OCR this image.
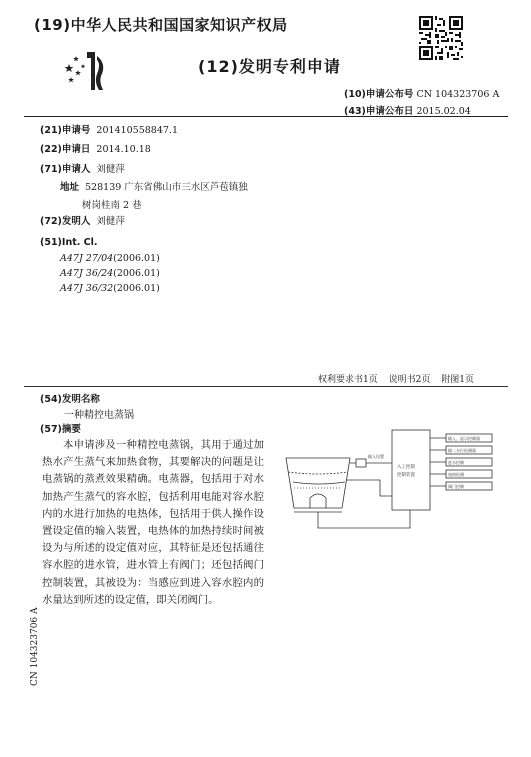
(19)中华人民共和国国家知识产权局
(12)发明专利申请
(10)申请公布号 CN 104323706 A
(43)申请公布日 2015.02.04
(21)申请号 201410558847.1
(22)申请日 2014.10.18
(71)申请人 刘健萍
地址 528139 广东省佛山市三水区芦苞镇独
树岗桂南 2 巷
(72)发明人 刘健萍
(51)Int. Cl.
A47J 27/04(2006.01)
A47J 36/24(2006.01)
A47J 36/32(2006.01)
权利要求书1页 说明书2页 附图1页
(54)发明名称
一种精控电蒸锅
(57)摘要
本申请涉及一种精控电蒸锅，其用于通过加热水产生蒸气来加热食物，其要解决的问题是让电蒸锅的蒸煮效果精确。电蒸器，包括用于对水加热产生蒸气的容水腔，包括利用电能对容水腔内的水进行加热的电热体，包括用于供人操作设置设定值的输入装置，电热体的加热持续时间被设为与所述的设定值对应，其特征是还包括通往容水腔的进水管，进水管上有阀门；还包括阀门控制装置，其被设为：当感应到进入容水腔内的水量达到所述的设定值，即关闭阀门。
输入设置
入工控制
控制装置
输入、显示控制器
输二水位检测器
进水控制
加热检测
阀门控制
CN 104323706 A
